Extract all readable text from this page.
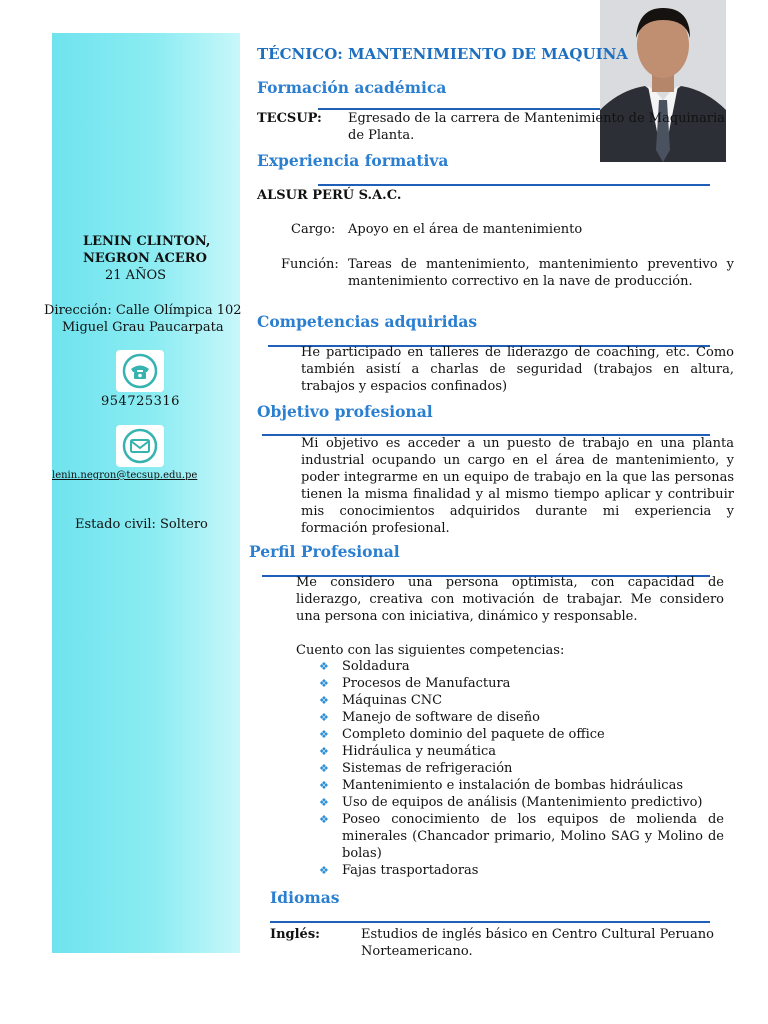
LENIN CLINTON,
NEGRON ACERO
21 AÑOS
Dirección: Calle Olímpica 102
Miguel Grau Paucarpata
954725316
lenin.negron@tecsup.edu.pe
Estado civil: Soltero
TÉCNICO: MANTENIMIENTO DE MAQUINA
Formación académica
TECSUP: Egresado de la carrera de Mantenimiento de Maquinaria de Planta.
Experiencia formativa
ALSUR PERÚ S.A.C.
Cargo: Apoyo en el área de mantenimiento
Función: Tareas de mantenimiento, mantenimiento preventivo y mantenimiento correctivo en la nave de producción.
Competencias adquiridas
He participado en talleres de liderazgo de coaching, etc. Como también asistí a charlas de seguridad (trabajos en altura, trabajos y espacios confinados)
Objetivo profesional
Mi objetivo es acceder a un puesto de trabajo en una planta industrial ocupando un cargo en el área de mantenimiento, y poder integrarme en un equipo de trabajo en la que las personas tienen la misma finalidad y al mismo tiempo aplicar y contribuir mis conocimientos adquiridos durante mi experiencia y formación profesional.
Perfil Profesional
Me considero una persona optimista, con capacidad de liderazgo, creativa con motivación de trabajar. Me considero una persona con iniciativa, dinámico y responsable.
Cuento con las siguientes competencias:
❖ Soldadura
❖ Procesos de Manufactura
❖ Máquinas CNC
❖ Manejo de software de diseño
❖ Completo dominio del paquete de office
❖ Hidráulica y neumática
❖ Sistemas de refrigeración
❖ Mantenimiento e instalación de bombas hidráulicas
❖ Uso de equipos de análisis (Mantenimiento predictivo)
❖ Poseo conocimiento de los equipos de molienda de minerales (Chancador primario, Molino SAG y Molino de bolas)
❖ Fajas trasportadoras
Idiomas
Inglés:	Estudios de inglés básico en Centro Cultural Peruano Norteamericano.
